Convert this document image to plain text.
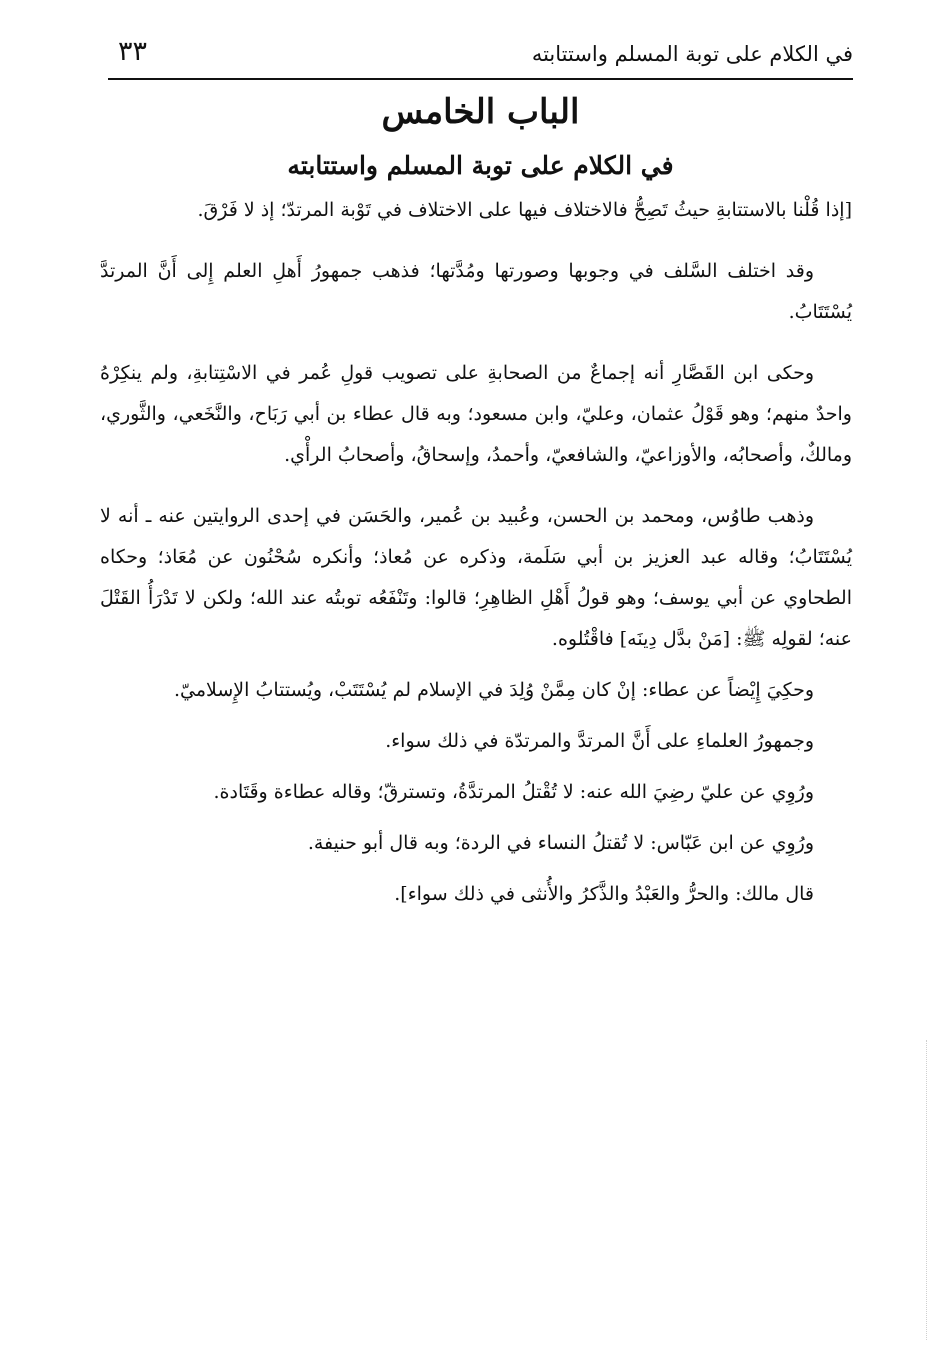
في الكلام على توبة المسلم واستتابته
٣٣
الباب الخامس
في الكلام على توبة المسلم واستتابته

[إذا قُلْنا بالاستتابةِ حيثُ تَصِحُّ فالاختلاف فيها على الاختلاف في تَوْبة المرتدّ؛ إذ لا فَرْقَ.

وقد اختلف السَّلف في وجوبها وصورتها ومُدَّتها؛ فذهب جمهورُ أَهلِ العلم إِلى أَنَّ المرتدَّ يُسْتَتَابُ.

وحكى ابن القَصَّارِ أنه إجماعٌ من الصحابةِ على تصويب قولِ عُمر في الاسْتِتابةِ، ولم ينكِرْهُ واحدٌ منهم؛ وهو قَوْلُ عثمان، وعليّ، وابن مسعود؛ وبه قال عطاء بن أبي رَبَاح، والنَّخَعي، والثَّوري، ومالكٌ، وأصحابُه، والأوزاعيّ، والشافعيّ، وأحمدُ، وإسحاقُ، وأصحابُ الرأْي.

وذهب طاوُس، ومحمد بن الحسن، وعُبيد بن عُمير، والحَسَن في إحدى الروايتين عنه ـ أنه لا يُسْتَتَابُ؛ وقاله عبد العزيز بن أبي سَلَمة، وذكره عن مُعاذ؛ وأنكره سُحْنُون عن مُعَاذ؛ وحكاه الطحاوي عن أبي يوسف؛ وهو قولُ أَهْلِ الظاهِرِ؛ قالوا: وتَنْفَعُه توبتُه عند الله؛ ولكن لا تَدْرَأُ القَتْلَ عنه؛ لقولِه ﷺ: [مَنْ بدَّل دِينَه] فاقْتُلوه.

وحكِيَ إِيْضاً عن عطاء: إنْ كان مِمَّنْ وُلِدَ في الإسلام لم يُسْتَتَبْ، ويُستتابُ الإِسلاميّ.

وجمهورُ العلماءِ على أَنَّ المرتدَّ والمرتدّة في ذلك سواء.

ورُوِي عن عليّ رضِيَ الله عنه: لا تُقْتلُ المرتدَّةُ، وتسترقّ؛ وقاله عطاءة وقَتَادة.

ورُوِي عن ابن عَبّاس: لا تُقتلُ النساء في الردة؛ وبه قال أبو حنيفة.

قال مالك: والحرُّ والعَبْدُ والذَّكرُ والأُنثى في ذلك سواء].
